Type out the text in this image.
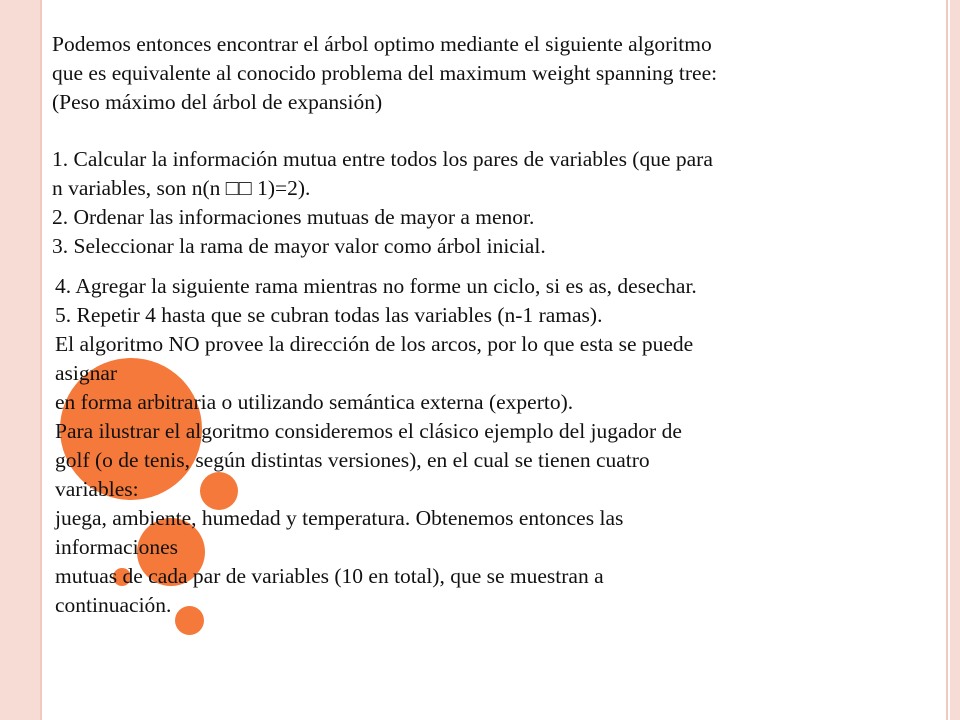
Podemos entonces encontrar el árbol optimo mediante el siguiente algoritmo
que es equivalente al conocido problema del maximum weight spanning tree:
(Peso máximo del árbol de expansión)
1. Calcular la información mutua entre todos los pares de variables (que para
n variables, son n(n □□ 1)=2).
2. Ordenar las informaciones mutuas de mayor a menor.
3. Seleccionar la rama de mayor valor como árbol inicial.
4. Agregar la siguiente rama mientras no forme un ciclo, si es as, desechar.
5. Repetir 4 hasta que se cubran todas las variables (n-1 ramas).
El algoritmo NO provee la dirección de los arcos, por lo que esta se puede
asignar
en forma arbitraria o utilizando semántica externa (experto).
Para ilustrar el algoritmo consideremos el clásico ejemplo del jugador de
golf (o de tenis, según distintas versiones), en el cual se tienen cuatro
variables:
juega, ambiente, humedad y temperatura. Obtenemos entonces las
informaciones
mutuas de cada par de variables (10 en total), que se muestran a
continuación.
